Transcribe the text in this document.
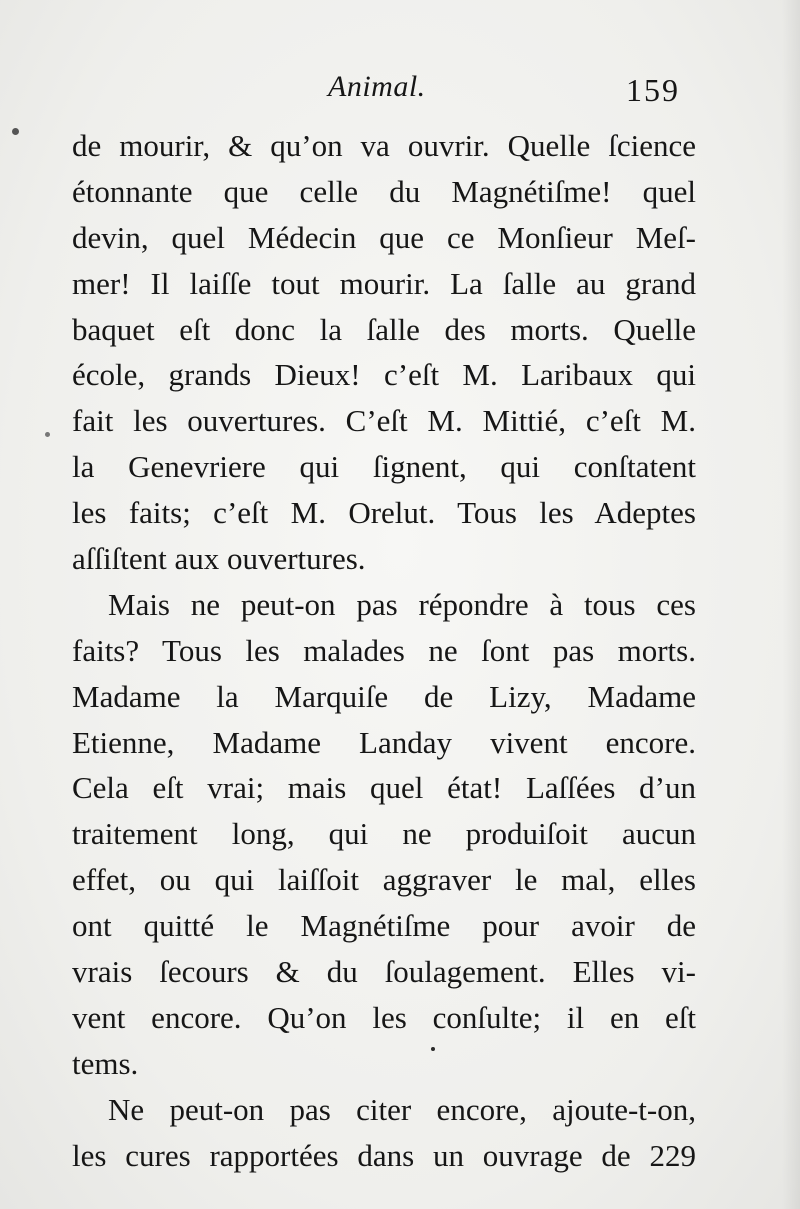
Animal.	159
de mourir, & qu’on va ouvrir. Quelle ſcience
étonnante que celle du Magnétiſme! quel
devin, quel Médecin que ce Monſieur Meſ-
mer! Il laiſſe tout mourir. La ſalle au grand
baquet eſt donc la ſalle des morts. Quelle
école, grands Dieux! c’eſt M. Laribaux qui
fait les ouvertures. C’eſt M. Mittié, c’eſt M.
la Genevriere qui ſignent, qui conſtatent
les faits; c’eſt M. Orelut. Tous les Adeptes
aſſiſtent aux ouvertures.
Mais ne peut-on pas répondre à tous ces
faits? Tous les malades ne ſont pas morts.
Madame la Marquiſe de Lizy, Madame
Etienne, Madame Landay vivent encore.
Cela eſt vrai; mais quel état! Laſſées d’un
traitement long, qui ne produiſoit aucun
effet, ou qui laiſſoit aggraver le mal, elles
ont quitté le Magnétiſme pour avoir de
vrais ſecours & du ſoulagement. Elles vi-
vent encore. Qu’on les conſulte; il en eſt
tems.
Ne peut-on pas citer encore, ajoute-t-on,
les cures rapportées dans un ouvrage de 229
